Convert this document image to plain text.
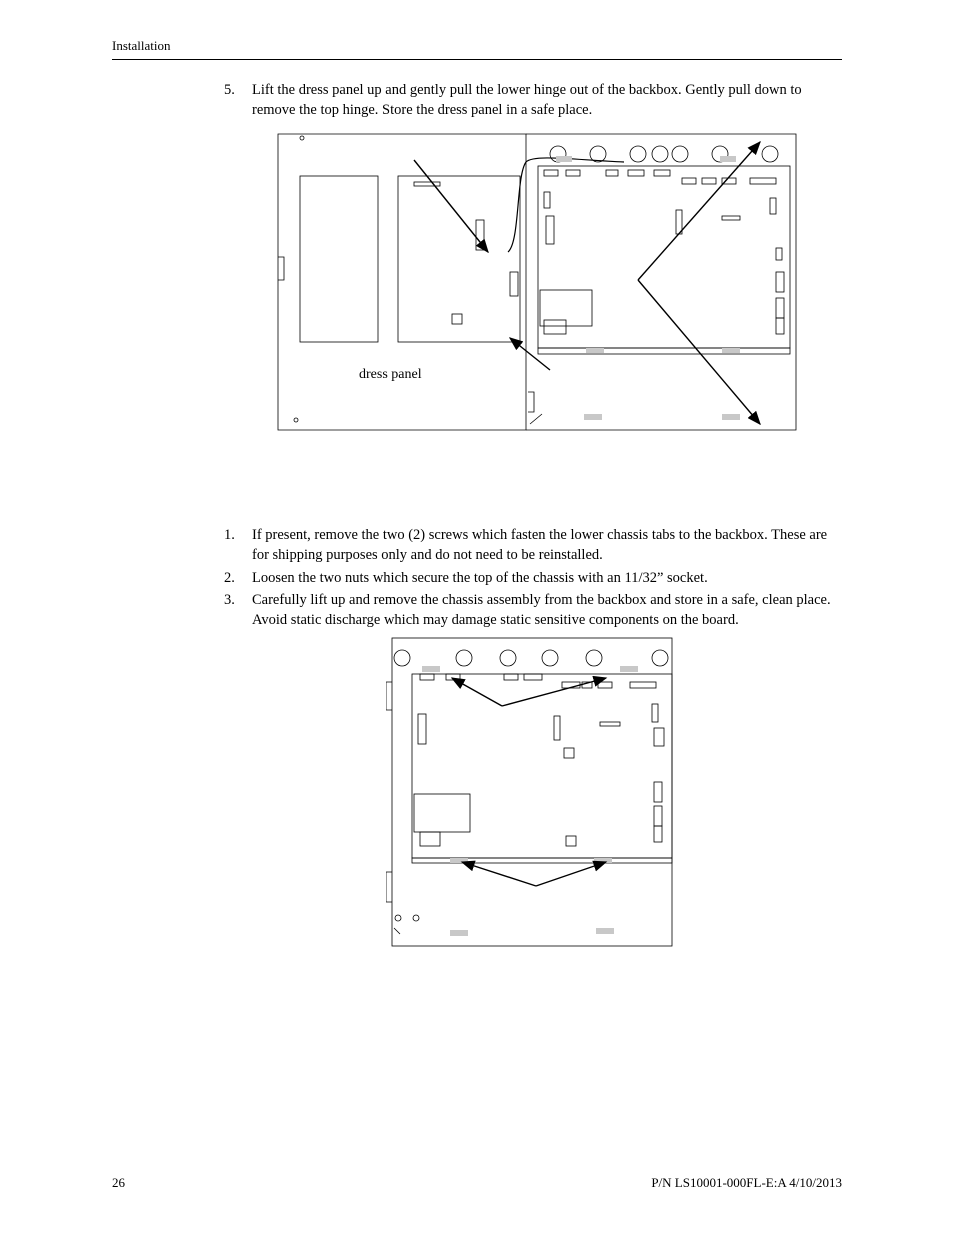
Installation
5. Lift the dress panel up and gently pull the lower hinge out of the backbox. Gently pull down to remove the top hinge. Store the dress panel in a safe place.
dress panel
1. If present, remove the two (2) screws which fasten the lower chassis tabs to the backbox. These are for shipping purposes only and do not need to be reinstalled.
2. Loosen the two nuts which secure the top of the chassis with an 11/32” socket.
3. Carefully lift up and remove the chassis assembly from the backbox and store in a safe, clean place. Avoid static discharge which may damage static sensitive components on the board.
26	P/N LS10001-000FL-E:A 4/10/2013
